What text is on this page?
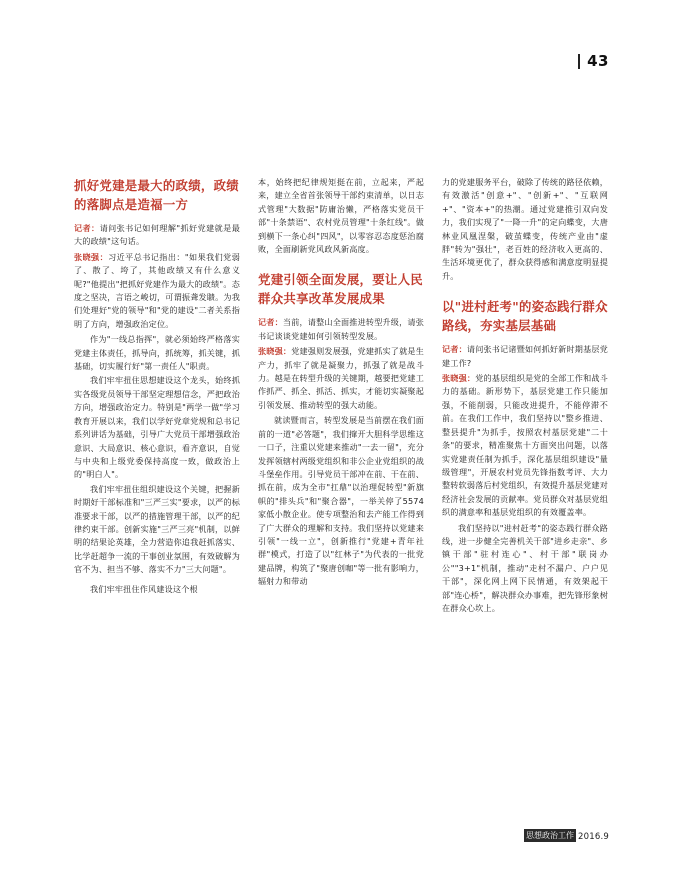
43
抓好党建是最大的政绩，政绩的落脚点是造福一方

记者：请问张书记如何理解"抓好党建就是最大的政绩"这句话。

张晓强：习近平总书记指出："如果我们党弱了、散了、垮了，其他政绩又有什么意义呢?"他提出"把抓好党建作为最大的政绩"。态度之坚决，言语之峻切，可谓振聋发聩。为我们处理好"党的领导"和"党的建设"二者关系指明了方向，增强政治定位。

作为"一线总指挥"，就必须始终严格落实党建主体责任，抓导向，抓统筹，抓关键，抓基础，切实履行好"第一责任人"职责。

我们牢牢扭住思想建设这个龙头，始终抓实各级党员领导干部坚定理想信念，严把政治方向，增强政治定力。特别是"两学一做"学习教育开展以来，我们以学好党章党规和总书记系列讲话为基础，引导广大党员干部增强政治意识、大局意识、核心意识，看齐意识，自觉与中央和上级党委保持高度一致，做政治上的"明白人"。

我们牢牢扭住组织建设这个关键，把握新时期好干部标准和"三严三实"要求，以严的标准要求干部，以严的措施管理干部，以严的纪律约束干部。创新实施"三严三亮"机制，以鲜明的结果论英雄，全力营造你追我赶抓落实、比学赶超争一流的干事创业氛围，有效破解为官不为、担当不够、落实不力"三大问题"。

我们牢牢扭住作风建设这个根

本，始终把纪律规矩挺在前，立起来，严起来，建立全省首张领导干部约束清单，以日志式管理"大数据"防庸治懒，严格落实党员干部"十条禁语"、农村党员管理"十条红线"。做到横下一条心纠"四风"，以零容忍态度惩治腐败，全面刷新党风政风新高度。

党建引领全面发展，要让人民群众共享改革发展成果

记者：当前，请整山全面推进转型升级，请张书记谈谈党建如何引领转型发展。

张晓强：党建强则发展强，党建抓实了就是生产力，抓牢了就是凝聚力，抓强了就是战斗力。越是在转型升级的关键期，越要把党建工作抓严、抓全、抓活、抓实，才能切实凝聚起引领发展、推动转型的强大动能。

就读暨而言，转型发展是当前摆在我们面前的一道"必答题"，我们撺开大胆科学思维这一口子，注重以党建来推动"一去一留"，充分发挥领辖村两级党组织和非公企业党组织的战斗堡垒作用。引导党员干部冲在前、干在前、抓在前，成为全市"扛鼎"以治理促转型"新旗帜的"排头兵"和"聚合器"，一举关停了5574家低小散企业。使专项整治和去产能工作得到了广大群众的理解和支持。我们坚持以党建来引领"一线一立"，创新推行"党建+青年社群"模式，打造了以"红林子"为代表的一批党建品牌，构筑了"聚唐创咖"等一批有影响力，辐射力和带动

力的党建服务平台，破除了传统的路径依赖，有效激活"创意+"、"创新+"、"互联网+"、"资本+"的热潮。通过党建推引双向发力，我们实现了"一降一升"的定向蝶变，大唐林业风凰涅槃，破茧蝶变，传统产业由"虚胖"转为"强壮"，老百姓的经济收入更高的、生活环境更优了，群众获得感和满意度明显提升。

以"进村赶考"的姿态践行群众路线，夯实基层基础

记者：请问张书记诸暨如何抓好新时期基层党建工作?

张晓强：党的基层组织是党的全部工作和战斗力的基础。新形势下，基层党建工作只能加强，不能削弱，只能改进提升，不能停滞不前。在我们工作中，我们坚持以"整乡推进、整县提升"为抓手，按照农村基层党建"二十条"的要求，精准聚焦十方面突出问题，以落实党建责任制为抓手，深化基层组织建设"量级管理"，开展农村党员先锋指数考评、大力整转软弱落后村党组织，有效提升基层党建对经济社会发展的贡献率。党员群众对基层党组织的满意率和基层党组织的有效覆盖率。

我们坚持以"进村赶考"的姿态践行群众路线，进一步健全完善机关干部"进乡走亲"、乡镇干部"驻村连心"、村干部"联岗办公""3+1"机制，推动"走村不漏户、户户见干部"，深化网上网下民情通，有效架起干部"连心桥"，解决群众办事难，把先锋形象树在群众心坎上。

思想政治工作 2016.9
